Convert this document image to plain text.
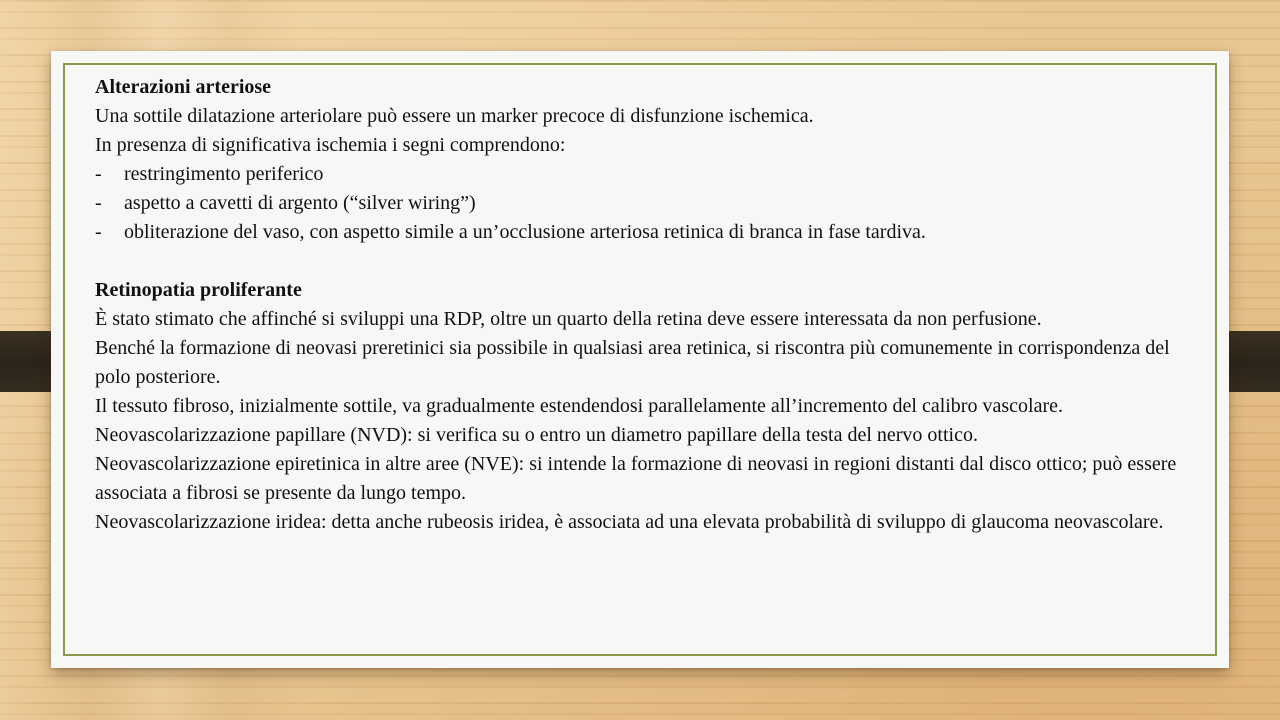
Alterazioni arteriose

Una sottile dilatazione arteriolare può essere un marker precoce di disfunzione ischemica.

In presenza di significativa ischemia i segni comprendono:

-	restringimento periferico
-	aspetto a cavetti di argento (“silver wiring”)
-	obliterazione del vaso, con aspetto simile a un’occlusione arteriosa retinica di branca in fase tardiva.

Retinopatia proliferante

È stato stimato che affinché si sviluppi una RDP, oltre un quarto della retina deve essere interessata da non perfusione.

Benché la formazione di neovasi preretinici sia possibile in qualsiasi area retinica, si riscontra più comunemente in corrispondenza del polo posteriore.

Il tessuto fibroso, inizialmente sottile, va gradualmente estendendosi parallelamente all’incremento del calibro vascolare.

Neovascolarizzazione papillare (NVD): si verifica su o entro un diametro papillare della testa del nervo ottico.

Neovascolarizzazione epiretinica in altre aree (NVE): si intende la formazione di neovasi in regioni distanti dal disco ottico; può essere associata a fibrosi se presente da lungo tempo.

Neovascolarizzazione iridea: detta anche rubeosis iridea, è associata ad una elevata probabilità di sviluppo di glaucoma neovascolare.
